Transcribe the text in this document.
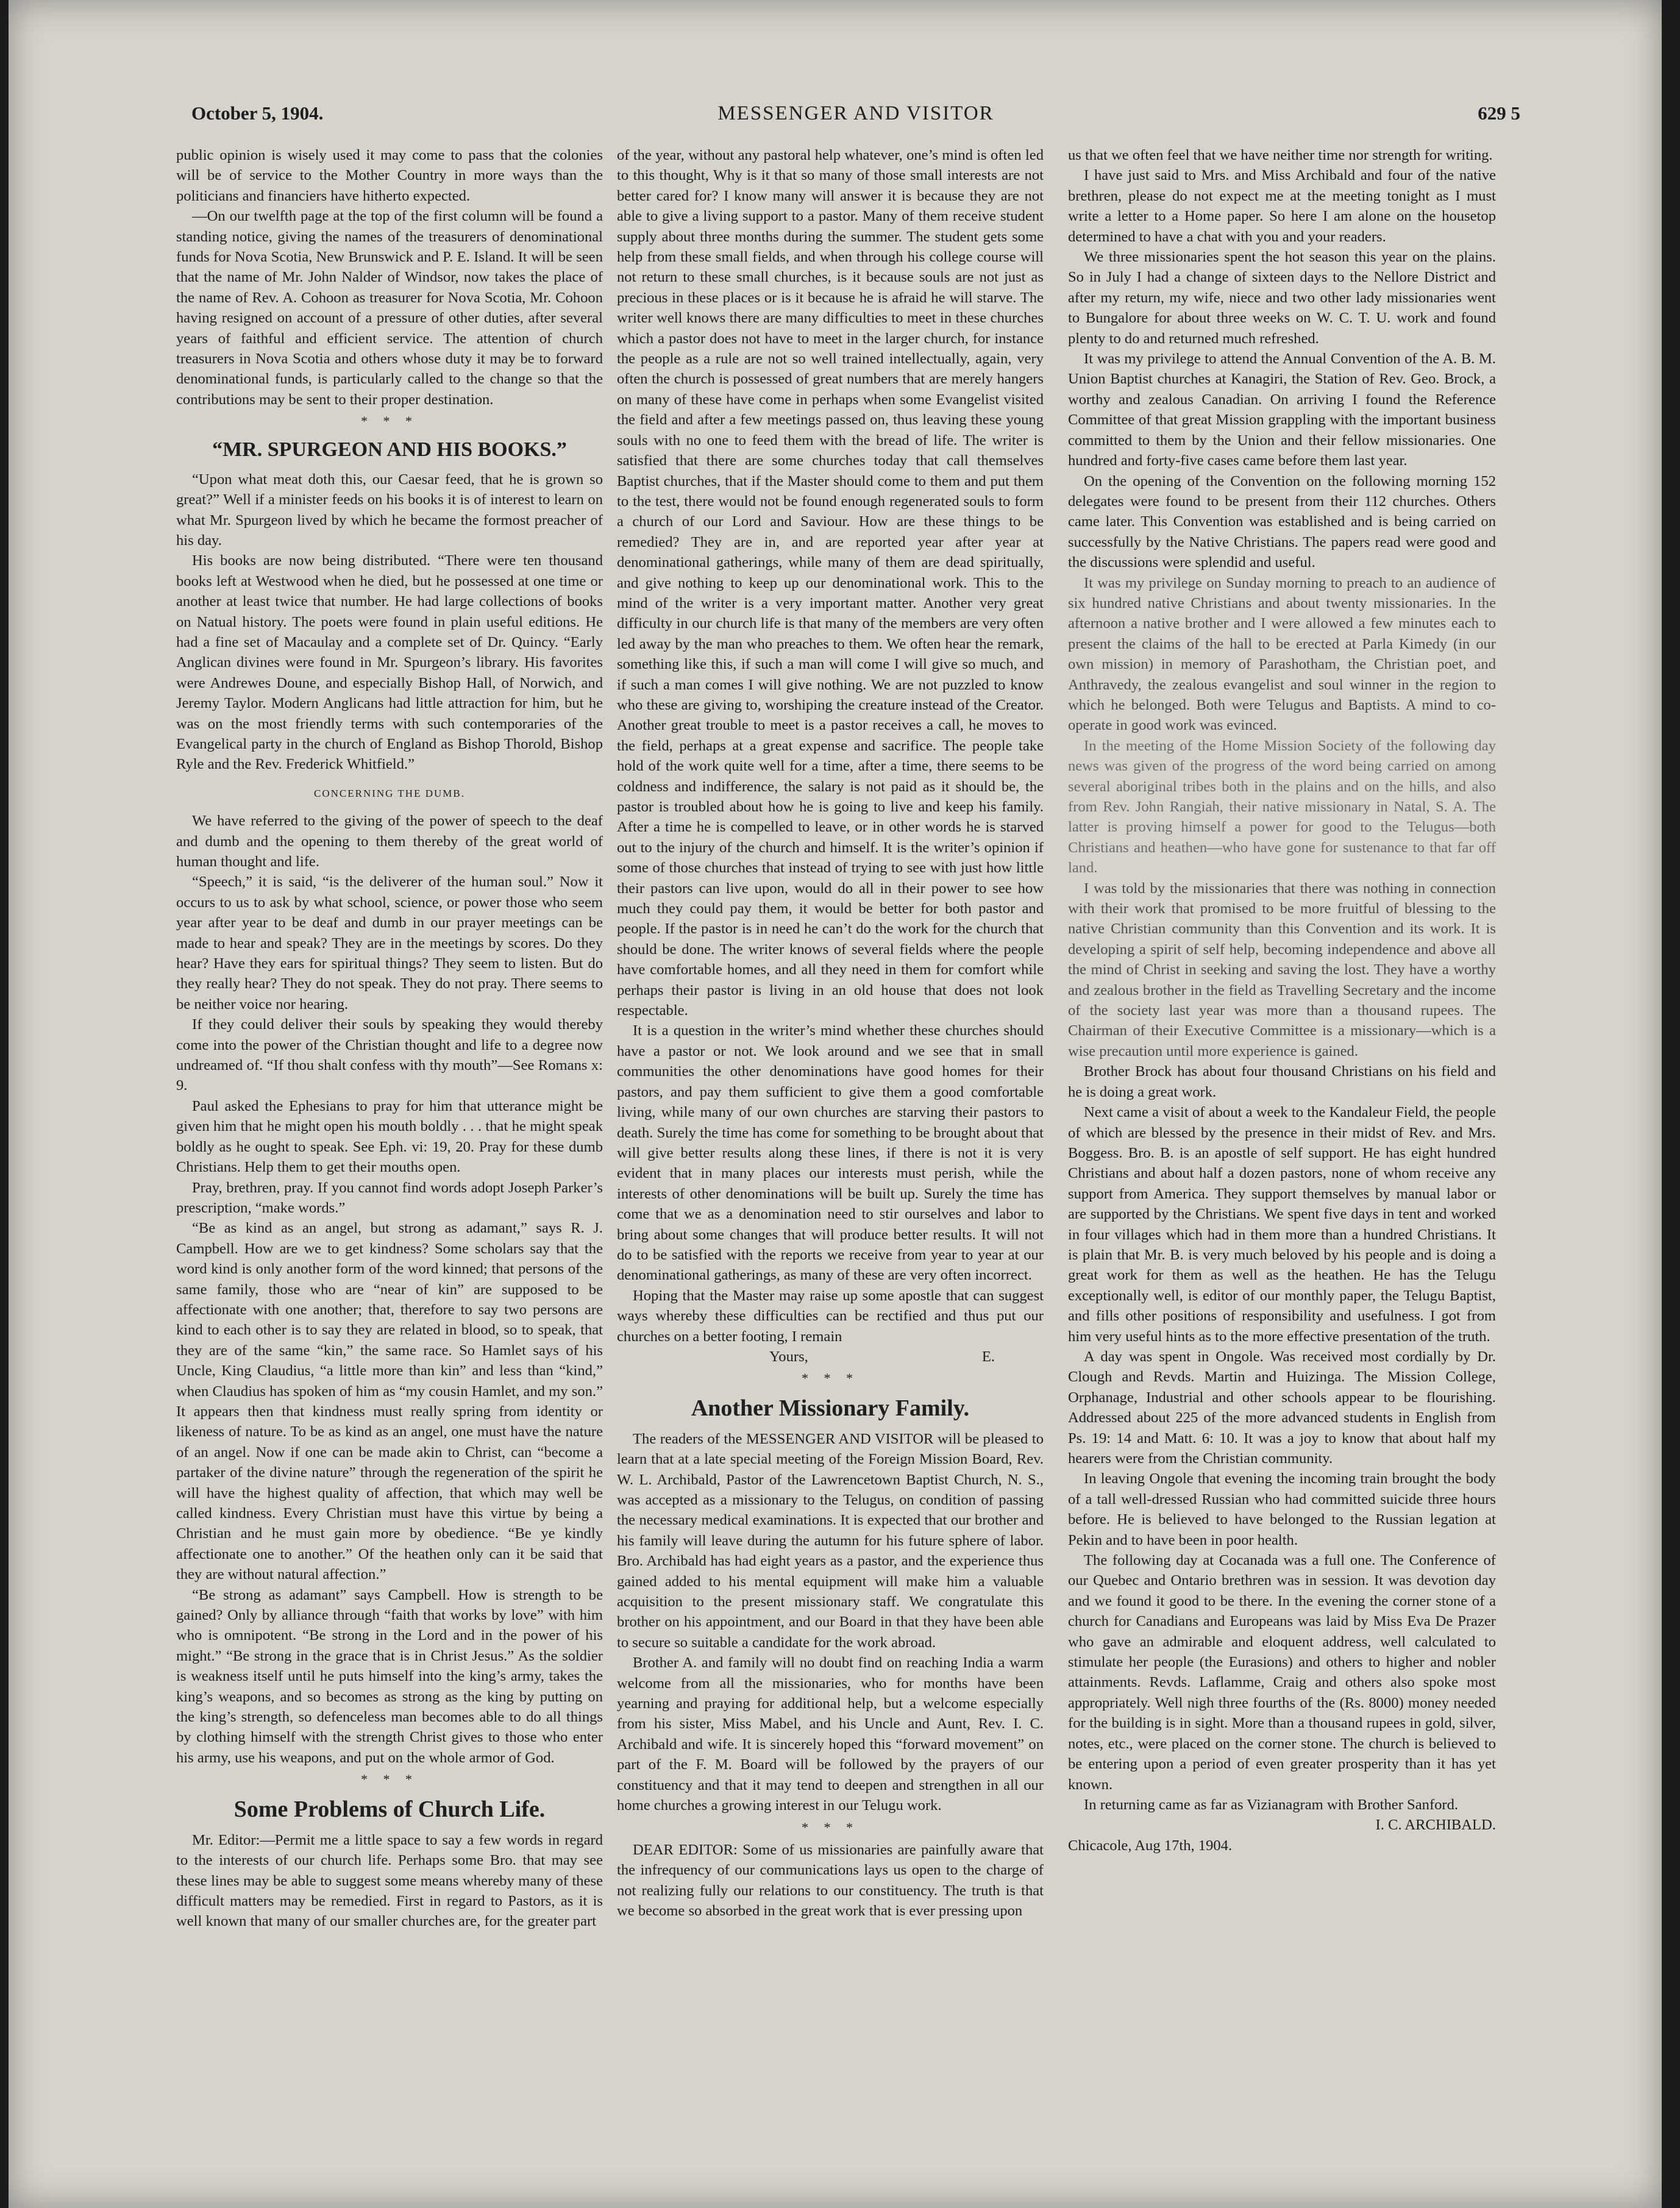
October 5, 1904.	MESSENGER AND VISITOR	629 5

public opinion is wisely used it may come to pass that the colonies will be of service to the Mother Country in more ways than the politicians and financiers have hitherto expected.

—On our twelfth page at the top of the first column will be found a standing notice, giving the names of the treasurers of denominational funds for Nova Scotia, New Brunswick and P. E. Island. It will be seen that the name of Mr. John Nalder of Windsor, now takes the place of the name of Rev. A. Cohoon as treasurer for Nova Scotia, Mr. Cohoon having resigned on account of a pressure of other duties, after several years of faithful and efficient service. The attention of church treasurers in Nova Scotia and others whose duty it may be to forward denominational funds, is particularly called to the change so that the contributions may be sent to their proper destination.

* * *
“MR. SPURGEON AND HIS BOOKS.”

“Upon what meat doth this, our Caesar feed, that he is grown so great?” Well if a minister feeds on his books it is of interest to learn on what Mr. Spurgeon lived by which he became the formost preacher of his day.

His books are now being distributed. “There were ten thousand books left at Westwood when he died, but he possessed at one time or another at least twice that number. He had large collections of books on Natual history. The poets were found in plain useful editions. He had a fine set of Macaulay and a complete set of Dr. Quincy. “Early Anglican divines were found in Mr. Spurgeon’s library. His favorites were Andrewes Doune, and especially Bishop Hall, of Norwich, and Jeremy Taylor. Modern Anglicans had little attraction for him, but he was on the most friendly terms with such contemporaries of the Evangelical party in the church of England as Bishop Thorold, Bishop Ryle and the Rev. Frederick Whitfield.”

CONCERNING THE DUMB.

We have referred to the giving of the power of speech to the deaf and dumb and the opening to them thereby of the great world of human thought and life.

“Speech,” it is said, “is the deliverer of the human soul.” Now it occurs to us to ask by what school, science, or power those who seem year after year to be deaf and dumb in our prayer meetings can be made to hear and speak? They are in the meetings by scores. Do they hear? Have they ears for spiritual things? They seem to listen. But do they really hear? They do not speak. They do not pray. There seems to be neither voice nor hearing.

If they could deliver their souls by speaking they would thereby come into the power of the Christian thought and life to a degree now undreamed of. “If thou shalt confess with thy mouth”—See Romans x: 9.

Paul asked the Ephesians to pray for him that utterance might be given him that he might open his mouth boldly . . . that he might speak boldly as he ought to speak. See Eph. vi: 19, 20. Pray for these dumb Christians. Help them to get their mouths open.

Pray, brethren, pray. If you cannot find words adopt Joseph Parker’s prescription, “make words.”

“Be as kind as an angel, but strong as adamant,” says R. J. Campbell. How are we to get kindness? Some scholars say that the word kind is only another form of the word kinned; that persons of the same family, those who are “near of kin” are supposed to be affectionate with one another; that, therefore to say two persons are kind to each other is to say they are related in blood, so to speak, that they are of the same “kin,” the same race. So Hamlet says of his Uncle, King Claudius, “a little more than kin” and less than “kind,” when Claudius has spoken of him as “my cousin Hamlet, and my son.” It appears then that kindness must really spring from identity or likeness of nature. To be as kind as an angel, one must have the nature of an angel. Now if one can be made akin to Christ, can “become a partaker of the divine nature” through the regeneration of the spirit he will have the highest quality of affection, that which may well be called kindness. Every Christian must have this virtue by being a Christian and he must gain more by obedience. “Be ye kindly affectionate one to another.” Of the heathen only can it be said that they are without natural affection.”

“Be strong as adamant” says Campbell. How is strength to be gained? Only by alliance through “faith that works by love” with him who is omnipotent. “Be strong in the Lord and in the power of his might.” “Be strong in the grace that is in Christ Jesus.” As the soldier is weakness itself until he puts himself into the king’s army, takes the king’s weapons, and so becomes as strong as the king by putting on the king’s strength, so defenceless man becomes able to do all things by clothing himself with the strength Christ gives to those who enter his army, use his weapons, and put on the whole armor of God.

* * *
Some Problems of Church Life.

Mr. Editor:—Permit me a little space to say a few words in regard to the interests of our church life. Perhaps some Bro. that may see these lines may be able to suggest some means whereby many of these difficult matters may be remedied. First in regard to Pastors, as it is well known that many of our smaller churches are, for the greater part

of the year, without any pastoral help whatever, one’s mind is often led to this thought, Why is it that so many of those small interests are not better cared for? I know many will answer it is because they are not able to give a living support to a pastor. Many of them receive student supply about three months during the summer. The student gets some help from these small fields, and when through his college course will not return to these small churches, is it because souls are not just as precious in these places or is it because he is afraid he will starve. The writer well knows there are many difficulties to meet in these churches which a pastor does not have to meet in the larger church, for instance the people as a rule are not so well trained intellectually, again, very often the church is possessed of great numbers that are merely hangers on many of these have come in perhaps when some Evangelist visited the field and after a few meetings passed on, thus leaving these young souls with no one to feed them with the bread of life. The writer is satisfied that there are some churches today that call themselves Baptist churches, that if the Master should come to them and put them to the test, there would not be found enough regenerated souls to form a church of our Lord and Saviour. How are these things to be remedied? They are in, and are reported year after year at denominational gatherings, while many of them are dead spiritually, and give nothing to keep up our denominational work. This to the mind of the writer is a very important matter. Another very great difficulty in our church life is that many of the members are very often led away by the man who preaches to them. We often hear the remark, something like this, if such a man will come I will give so much, and if such a man comes I will give nothing. We are not puzzled to know who these are giving to, worshiping the creature instead of the Creator. Another great trouble to meet is a pastor receives a call, he moves to the field, perhaps at a great expense and sacrifice. The people take hold of the work quite well for a time, after a time, there seems to be coldness and indifference, the salary is not paid as it should be, the pastor is troubled about how he is going to live and keep his family. After a time he is compelled to leave, or in other words he is starved out to the injury of the church and himself. It is the writer’s opinion if some of those churches that instead of trying to see with just how little their pastors can live upon, would do all in their power to see how much they could pay them, it would be better for both pastor and people. If the pastor is in need he can’t do the work for the church that should be done. The writer knows of several fields where the people have comfortable homes, and all they need in them for comfort while perhaps their pastor is living in an old house that does not look respectable.

It is a question in the writer’s mind whether these churches should have a pastor or not. We look around and we see that in small communities the other denominations have good homes for their pastors, and pay them sufficient to give them a good comfortable living, while many of our own churches are starving their pastors to death. Surely the time has come for something to be brought about that will give better results along these lines, if there is not it is very evident that in many places our interests must perish, while the interests of other denominations will be built up. Surely the time has come that we as a denomination need to stir ourselves and labor to bring about some changes that will produce better results. It will not do to be satisfied with the reports we receive from year to year at our denominational gatherings, as many of these are very often incorrect.

Hoping that the Master may raise up some apostle that can suggest ways whereby these difficulties can be rectified and thus put our churches on a better footing, I remain

Yours,	E.
* * *
Another Missionary Family.

The readers of the MESSENGER AND VISITOR will be pleased to learn that at a late special meeting of the Foreign Mission Board, Rev. W. L. Archibald, Pastor of the Lawrencetown Baptist Church, N. S., was accepted as a missionary to the Telugus, on condition of passing the necessary medical examinations. It is expected that our brother and his family will leave during the autumn for his future sphere of labor. Bro. Archibald has had eight years as a pastor, and the experience thus gained added to his mental equipment will make him a valuable acquisition to the present missionary staff. We congratulate this brother on his appointment, and our Board in that they have been able to secure so suitable a candidate for the work abroad.

Brother A. and family will no doubt find on reaching India a warm welcome from all the missionaries, who for months have been yearning and praying for additional help, but a welcome especially from his sister, Miss Mabel, and his Uncle and Aunt, Rev. I. C. Archibald and wife. It is sincerely hoped this “forward movement” on part of the F. M. Board will be followed by the prayers of our constituency and that it may tend to deepen and strengthen in all our home churches a growing interest in our Telugu work.

* * *

DEAR EDITOR: Some of us missionaries are painfully aware that the infrequency of our communications lays us open to the charge of not realizing fully our relations to our constituency. The truth is that we become so absorbed in the great work that is ever pressing upon

us that we often feel that we have neither time nor strength for writing.

I have just said to Mrs. and Miss Archibald and four of the native brethren, please do not expect me at the meeting tonight as I must write a letter to a Home paper. So here I am alone on the housetop determined to have a chat with you and your readers.

We three missionaries spent the hot season this year on the plains. So in July I had a change of sixteen days to the Nellore District and after my return, my wife, niece and two other lady missionaries went to Bungalore for about three weeks on W. C. T. U. work and found plenty to do and returned much refreshed.

It was my privilege to attend the Annual Convention of the A. B. M. Union Baptist churches at Kanagiri, the Station of Rev. Geo. Brock, a worthy and zealous Canadian. On arriving I found the Reference Committee of that great Mission grappling with the important business committed to them by the Union and their fellow missionaries. One hundred and forty-five cases came before them last year.

On the opening of the Convention on the following morning 152 delegates were found to be present from their 112 churches. Others came later. This Convention was established and is being carried on successfully by the Native Christians. The papers read were good and the discussions were splendid and useful.

It was my privilege on Sunday morning to preach to an audience of six hundred native Christians and about twenty missionaries. In the afternoon a native brother and I were allowed a few minutes each to present the claims of the hall to be erected at Parla Kimedy (in our own mission) in memory of Parashotham, the Christian poet, and Anthravedy, the zealous evangelist and soul winner in the region to which he belonged. Both were Telugus and Baptists. A mind to co-operate in good work was evinced.

In the meeting of the Home Mission Society of the following day news was given of the progress of the word being carried on among several aboriginal tribes both in the plains and on the hills, and also from Rev. John Rangiah, their native missionary in Natal, S. A. The latter is proving himself a power for good to the Telugus—both Christians and heathen—who have gone for sustenance to that far off land.

I was told by the missionaries that there was nothing in connection with their work that promised to be more fruitful of blessing to the native Christian community than this Convention and its work. It is developing a spirit of self help, becoming independence and above all the mind of Christ in seeking and saving the lost. They have a worthy and zealous brother in the field as Travelling Secretary and the income of the society last year was more than a thousand rupees. The Chairman of their Executive Committee is a missionary—which is a wise precaution until more experience is gained.

Brother Brock has about four thousand Christians on his field and he is doing a great work.

Next came a visit of about a week to the Kandaleur Field, the people of which are blessed by the presence in their midst of Rev. and Mrs. Boggess. Bro. B. is an apostle of self support. He has eight hundred Christians and about half a dozen pastors, none of whom receive any support from America. They support themselves by manual labor or are supported by the Christians. We spent five days in tent and worked in four villages which had in them more than a hundred Christians. It is plain that Mr. B. is very much beloved by his people and is doing a great work for them as well as the heathen. He has the Telugu exceptionally well, is editor of our monthly paper, the Telugu Baptist, and fills other positions of responsibility and usefulness. I got from him very useful hints as to the more effective presentation of the truth.

A day was spent in Ongole. Was received most cordially by Dr. Clough and Revds. Martin and Huizinga. The Mission College, Orphanage, Industrial and other schools appear to be flourishing. Addressed about 225 of the more advanced students in English from Ps. 19: 14 and Matt. 6: 10. It was a joy to know that about half my hearers were from the Christian community.

In leaving Ongole that evening the incoming train brought the body of a tall well-dressed Russian who had committed suicide three hours before. He is believed to have belonged to the Russian legation at Pekin and to have been in poor health.

The following day at Cocanada was a full one. The Conference of our Quebec and Ontario brethren was in session. It was devotion day and we found it good to be there. In the evening the corner stone of a church for Canadians and Europeans was laid by Miss Eva De Prazer who gave an admirable and eloquent address, well calculated to stimulate her people (the Eurasions) and others to higher and nobler attainments. Revds. Laflamme, Craig and others also spoke most appropriately. Well nigh three fourths of the (Rs. 8000) money needed for the building is in sight. More than a thousand rupees in gold, silver, notes, etc., were placed on the corner stone. The church is believed to be entering upon a period of even greater prosperity than it has yet known.

In returning came as far as Vizianagram with Brother Sanford.

I. C. ARCHIBALD.

Chicacole, Aug 17th, 1904.
